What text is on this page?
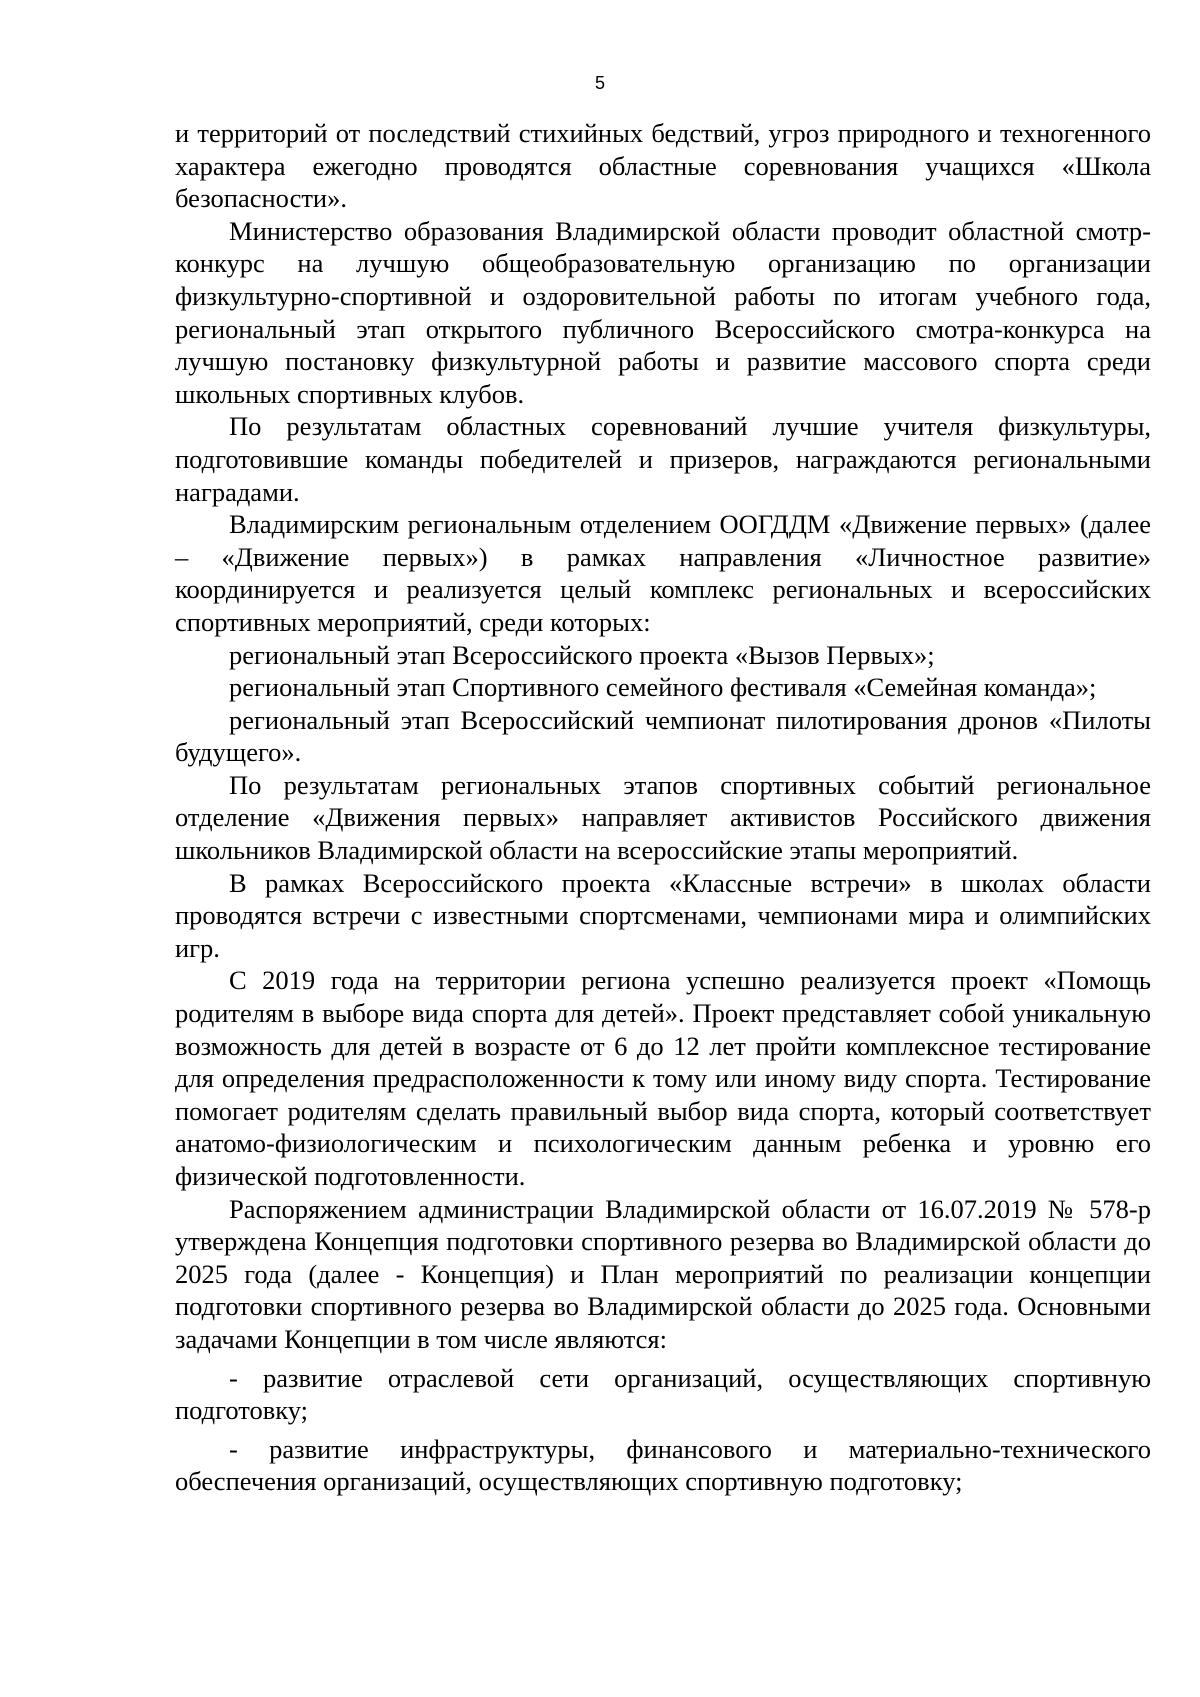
5

и территорий от последствий стихийных бедствий, угроз природного и техногенного характера ежегодно проводятся областные соревнования учащихся «Школа безопасности».

Министерство образования Владимирской области проводит областной смотр-конкурс на лучшую общеобразовательную организацию по организации физкультурно-спортивной и оздоровительной работы по итогам учебного года, региональный этап открытого публичного Всероссийского смотра-конкурса на лучшую постановку физкультурной работы и развитие массового спорта среди школьных спортивных клубов.

По результатам областных соревнований лучшие учителя физкультуры, подготовившие команды победителей и призеров, награждаются региональными наградами.

Владимирским региональным отделением ООГДДМ «Движение первых» (далее – «Движение первых») в рамках направления «Личностное развитие» координируется и реализуется целый комплекс региональных и всероссийских спортивных мероприятий, среди которых:

региональный этап Всероссийского проекта «Вызов Первых»;

региональный этап Спортивного семейного фестиваля «Семейная команда»;

региональный этап Всероссийский чемпионат пилотирования дронов «Пилоты будущего».

По результатам региональных этапов спортивных событий региональное отделение «Движения первых» направляет активистов Российского движения школьников Владимирской области на всероссийские этапы мероприятий.

В рамках Всероссийского проекта «Классные встречи» в школах области проводятся встречи с известными спортсменами, чемпионами мира и олимпийских игр.

С 2019 года на территории региона успешно реализуется проект «Помощь родителям в выборе вида спорта для детей». Проект представляет собой уникальную возможность для детей в возрасте от 6 до 12 лет пройти комплексное тестирование для определения предрасположенности к тому или иному виду спорта. Тестирование помогает родителям сделать правильный выбор вида спорта, который соответствует анатомо-физиологическим и психологическим данным ребенка и уровню его физической подготовленности.

Распоряжением администрации Владимирской области от 16.07.2019 № 578-р утверждена Концепция подготовки спортивного резерва во Владимирской области до 2025 года (далее - Концепция) и План мероприятий по реализации концепции подготовки спортивного резерва во Владимирской области до 2025 года. Основными задачами Концепции в том числе являются:

- развитие отраслевой сети организаций, осуществляющих спортивную подготовку;

- развитие инфраструктуры, финансового и материально-технического обеспечения организаций, осуществляющих спортивную подготовку;
